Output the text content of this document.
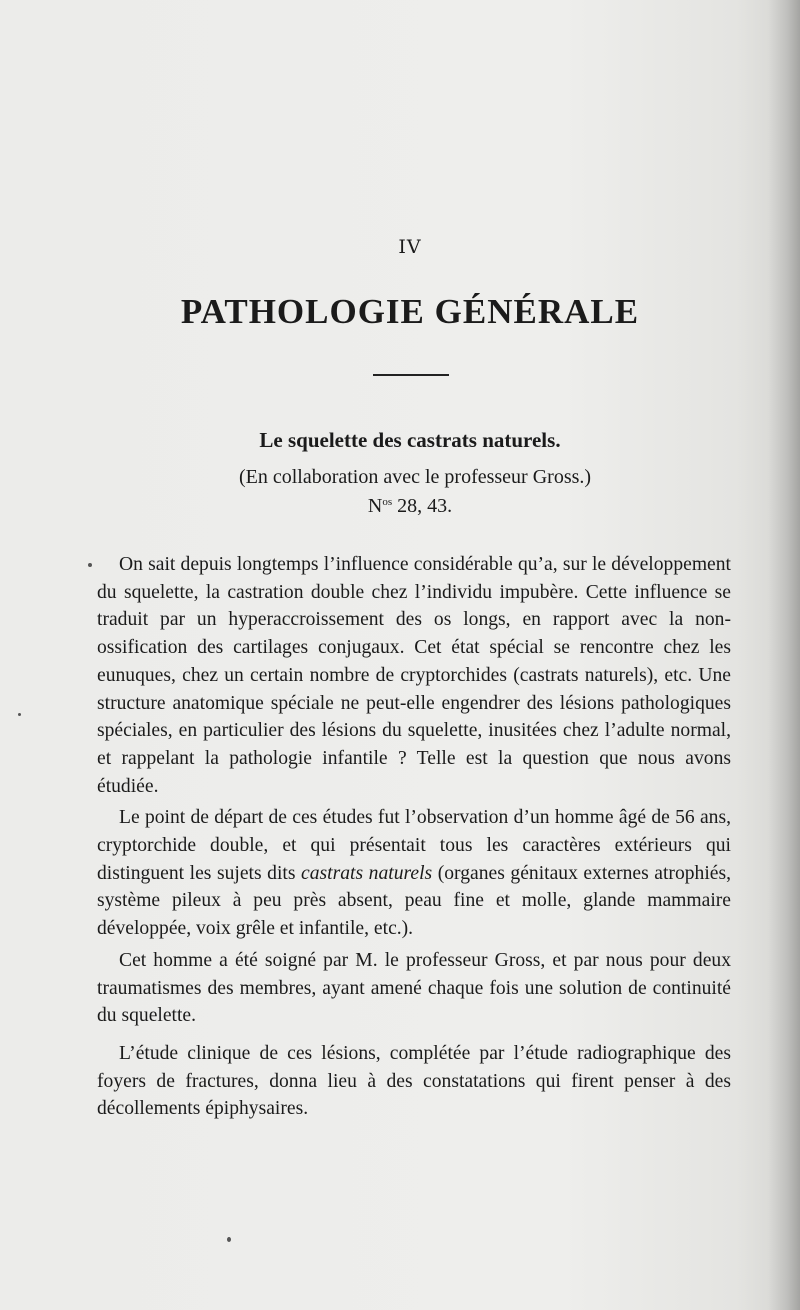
IV
PATHOLOGIE GÉNÉRALE
Le squelette des castrats naturels.
(En collaboration avec le professeur Gross.)
$N^{os}$ 28, 43.

On sait depuis longtemps l’influence considérable qu’a, sur le développement du squelette, la castration double chez l’individu impubère. Cette influence se traduit par un hyperaccroissement des os longs, en rapport avec la non-ossification des cartilages conjugaux. Cet état spécial se rencontre chez les eunuques, chez un certain nombre de cryptorchides (castrats naturels), etc. Une structure anatomique spéciale ne peut-elle engendrer des lésions pathologiques spéciales, en particulier des lésions du squelette, inusitées chez l’adulte normal, et rappelant la pathologie infantile ? Telle est la question que nous avons étudiée.

Le point de départ de ces études fut l’observation d’un homme âgé de 56 ans, cryptorchide double, et qui présentait tous les caractères extérieurs qui distinguent les sujets dits castrats naturels (organes génitaux externes atrophiés, système pileux à peu près absent, peau fine et molle, glande mammaire développée, voix grêle et infantile, etc.).

Cet homme a été soigné par M. le professeur Gross, et par nous pour deux traumatismes des membres, ayant amené chaque fois une solution de continuité du squelette.

L’étude clinique de ces lésions, complétée par l’étude radiographique des foyers de fractures, donna lieu à des constatations qui firent penser à des décollements épiphysaires.
